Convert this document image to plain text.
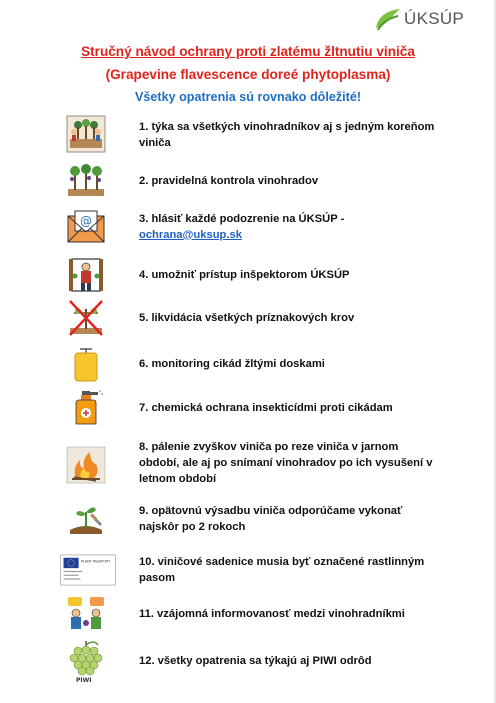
ÚKSÚP
Stručný návod ochrany proti zlatému žltnutiu viniča
(Grapevine flavescence doreé phytoplasma)
Všetky opatrenia sú rovnako dôležité!
1. týka sa všetkých vinohradníkov aj s jedným koreňom viniča
2. pravidelná kontrola vinohradov
@	3. hlásiť každé podozrenie na ÚKSÚP -
ochrana@uksup.sk
4. umožniť prístup inšpektorom ÚKSÚP
5. likvidácia všetkých príznakových krov
6. monitoring cikád žltými doskami
7. chemická ochrana insekticídmi proti cikádam
8. pálenie zvyškov viniča po reze viniča v jarnom období, ale aj po snímaní vinohradov po ich vysušení v letnom období
9. opätovnú výsadbu viniča odporúčame vykonať najskôr po 2 rokoch
PLANT PASSPORT	10. viničové sadenice musia byť označené rastlinným pasom
11. vzájomná informovanosť medzi vinohradníkmi
PIWI
12. všetky opatrenia sa týkajú aj PIWI odrôd
